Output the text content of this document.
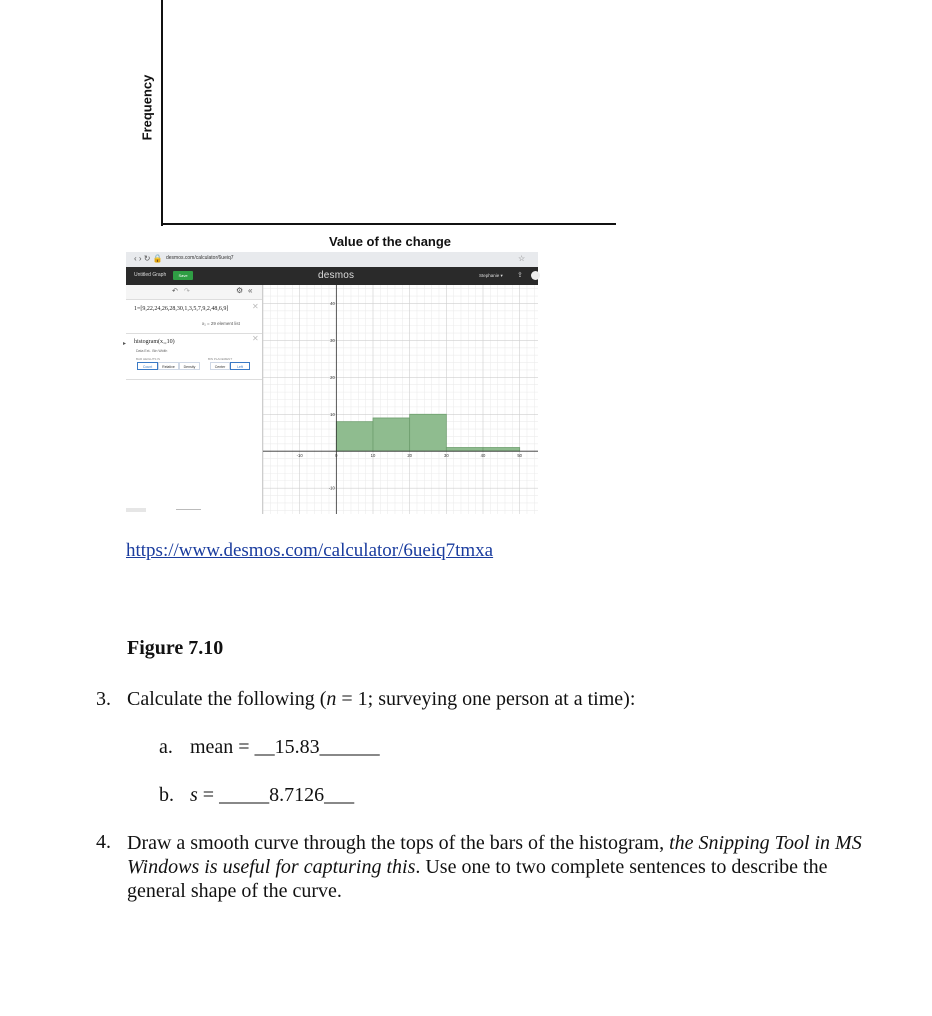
Frequency
Value of the change
‹ › ↻ 🔒 desmos.com/calculator/6ueiq7	☆
Untitled Graph	Save	desmos	Stephanie ▾ ⇪
↶ ↷	⚙ «
1=[9,22,24,26,28,30,1,3,5,7,9,2,48,6,9]	✕
x₁ = 29 element list
▸ histogram(x₁,10)	✕
Data Ext.. Bin Width
BAR HEIGHTS IS	BIN PLACEMENT
Count	Relative	Density	Center	Left
-10	0	10	20	30	40	50
-10
10
20
30
40
https://www.desmos.com/calculator/6ueiq7tmxa
Figure 7.10
3. Calculate the following (n = 1; surveying one person at a time):
a. mean = __15.83______
b. s = _____8.7126___
4. Draw a smooth curve through the tops of the bars of the histogram, the Snipping Tool in MS Windows is useful for capturing this. Use one to two complete sentences to describe the general shape of the curve.
